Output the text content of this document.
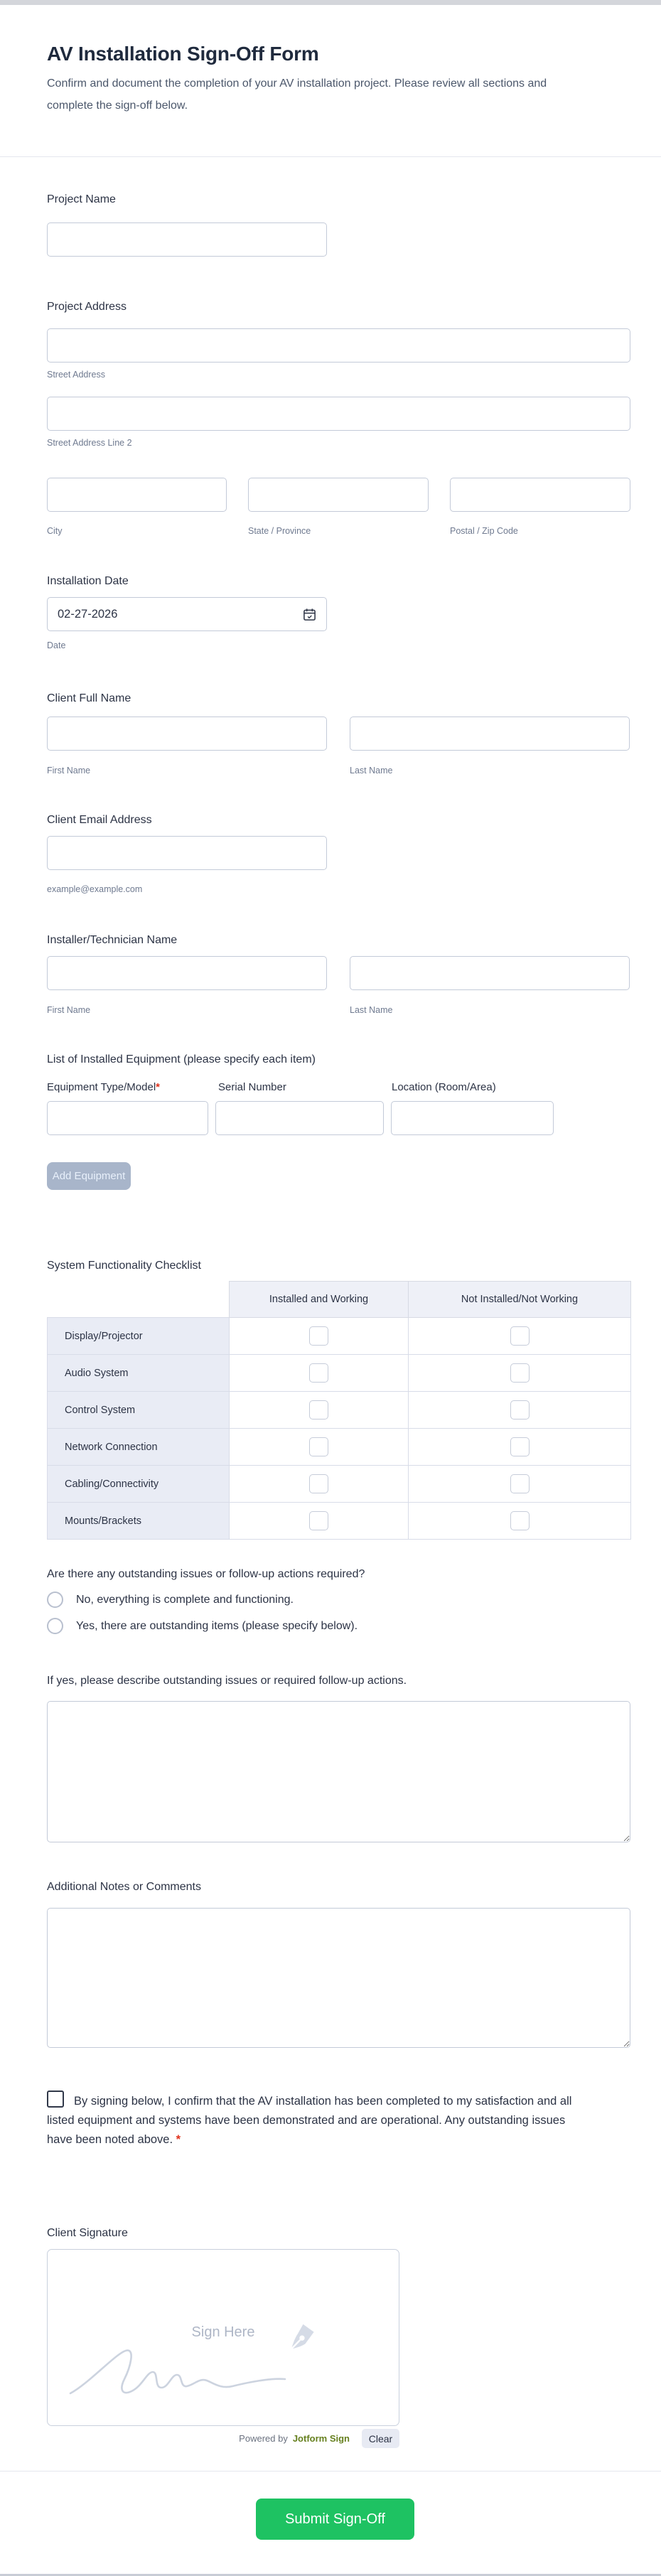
AV Installation Sign-Off Form
Confirm and document the completion of your AV installation project. Please review all sections and complete the sign-off below.
Project Name
Project Address
Street Address
Street Address Line 2
City	State / Province	Postal / Zip Code
Installation Date
02-27-2026
Date
Client Full Name
First Name	Last Name
Client Email Address
example@example.com
Installer/Technician Name
First Name	Last Name
List of Installed Equipment (please specify each item)
Equipment Type/Model*	Serial Number	Location (Room/Area)
Add Equipment
System Functionality Checklist
	Installed and Working	Not Installed/Not Working
Display/Projector		
Audio System		
Control System		
Network Connection		
Cabling/Connectivity		
Mounts/Brackets		
Are there any outstanding issues or follow-up actions required?
No, everything is complete and functioning.
Yes, there are outstanding items (please specify below).
If yes, please describe outstanding issues or required follow-up actions.
Additional Notes or Comments
By signing below, I confirm that the AV installation has been completed to my satisfaction and all listed equipment and systems have been demonstrated and are operational. Any outstanding issues have been noted above. *
Client Signature
Sign Here
Powered by Jotform Sign	Clear
Submit Sign-Off
